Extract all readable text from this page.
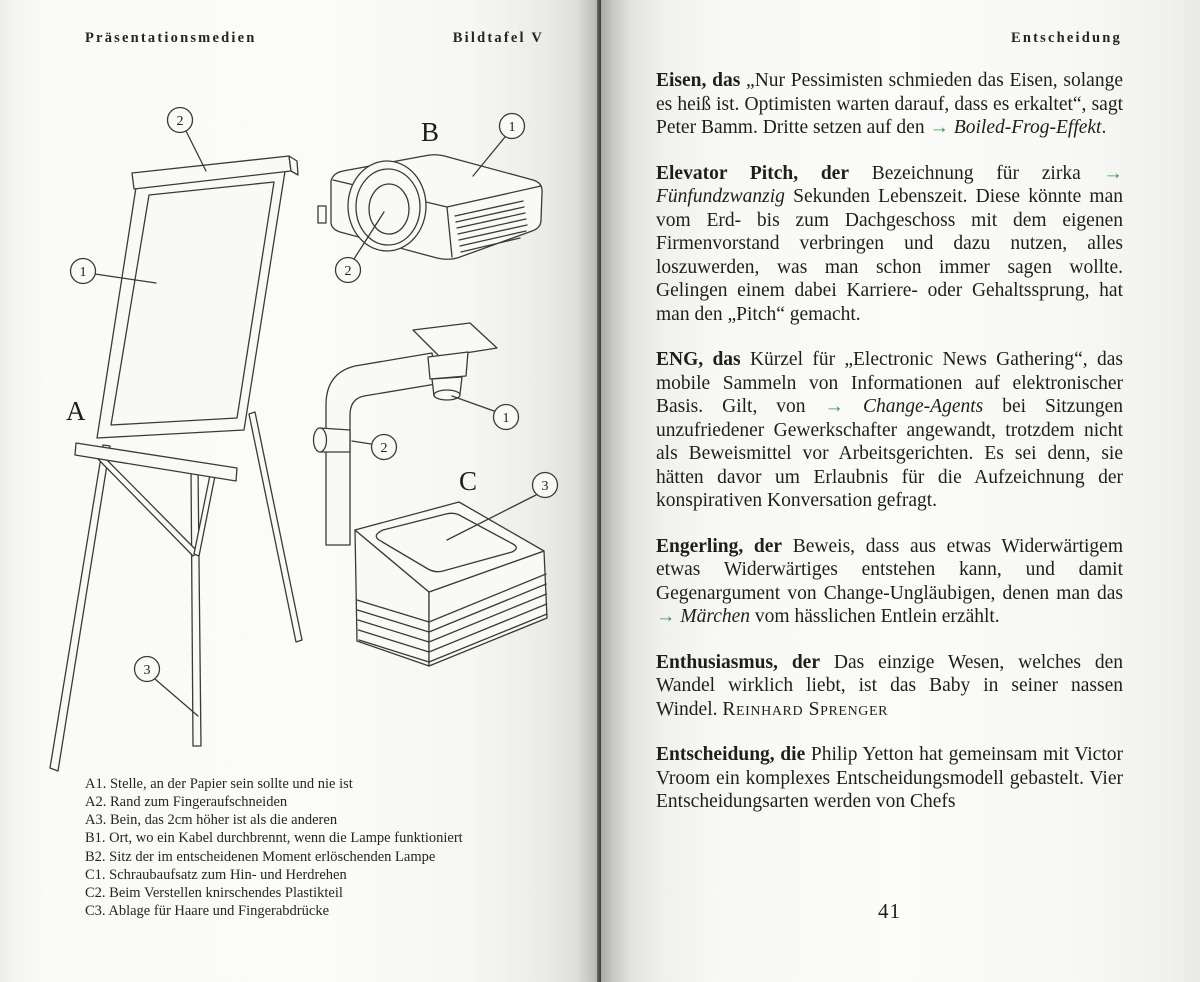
Präsentationsmedien	Bildtafel V
A
2
1
3
B	1
2
C
1
2
3
A1. Stelle, an der Papier sein sollte und nie ist
A2. Rand zum Fingeraufschneiden
A3. Bein, das 2cm höher ist als die anderen
B1. Ort, wo ein Kabel durchbrennt, wenn die Lampe funktioniert
B2. Sitz der im entscheidenen Moment erlöschenden Lampe
C1. Schraubaufsatz zum Hin- und Herdrehen
C2. Beim Verstellen knirschendes Plastikteil
C3. Ablage für Haare und Fingerabdrücke
Entscheidung

Eisen, das „Nur Pessimisten schmieden das Eisen, solange es heiß ist. Optimisten warten darauf, dass es erkaltet“, sagt Peter Bamm. Dritte setzen auf den → Boiled-Frog-Effekt.

Elevator Pitch, der Bezeichnung für zirka → Fünfundzwanzig Sekunden Lebenszeit. Diese könnte man vom Erd- bis zum Dachgeschoss mit dem eigenen Firmenvorstand verbringen und dazu nutzen, alles loszuwerden, was man schon immer sagen wollte. Gelingen einem dabei Karriere- oder Gehaltssprung, hat man den „Pitch“ gemacht.

ENG, das Kürzel für „Electronic News Gathering“, das mobile Sammeln von Informationen auf elektronischer Basis. Gilt, von → Change-Agents bei Sitzungen unzufriedener Gewerkschafter angewandt, trotzdem nicht als Beweismittel vor Arbeitsgerichten. Es sei denn, sie hätten davor um Erlaubnis für die Aufzeichnung der konspirativen Konversation gefragt.

Engerling, der Beweis, dass aus etwas Widerwärtigem etwas Widerwärtiges entstehen kann, und damit Gegenargument von Change-Ungläubigen, denen man das → Märchen vom hässlichen Entlein erzählt.

Enthusiasmus, der Das einzige Wesen, welches den Wandel wirklich liebt, ist das Baby in seiner nassen Windel. Reinhard Sprenger

Entscheidung, die Philip Yetton hat gemeinsam mit Victor Vroom ein komplexes Entscheidungsmodell gebastelt. Vier Entscheidungsarten werden von Chefs

41
